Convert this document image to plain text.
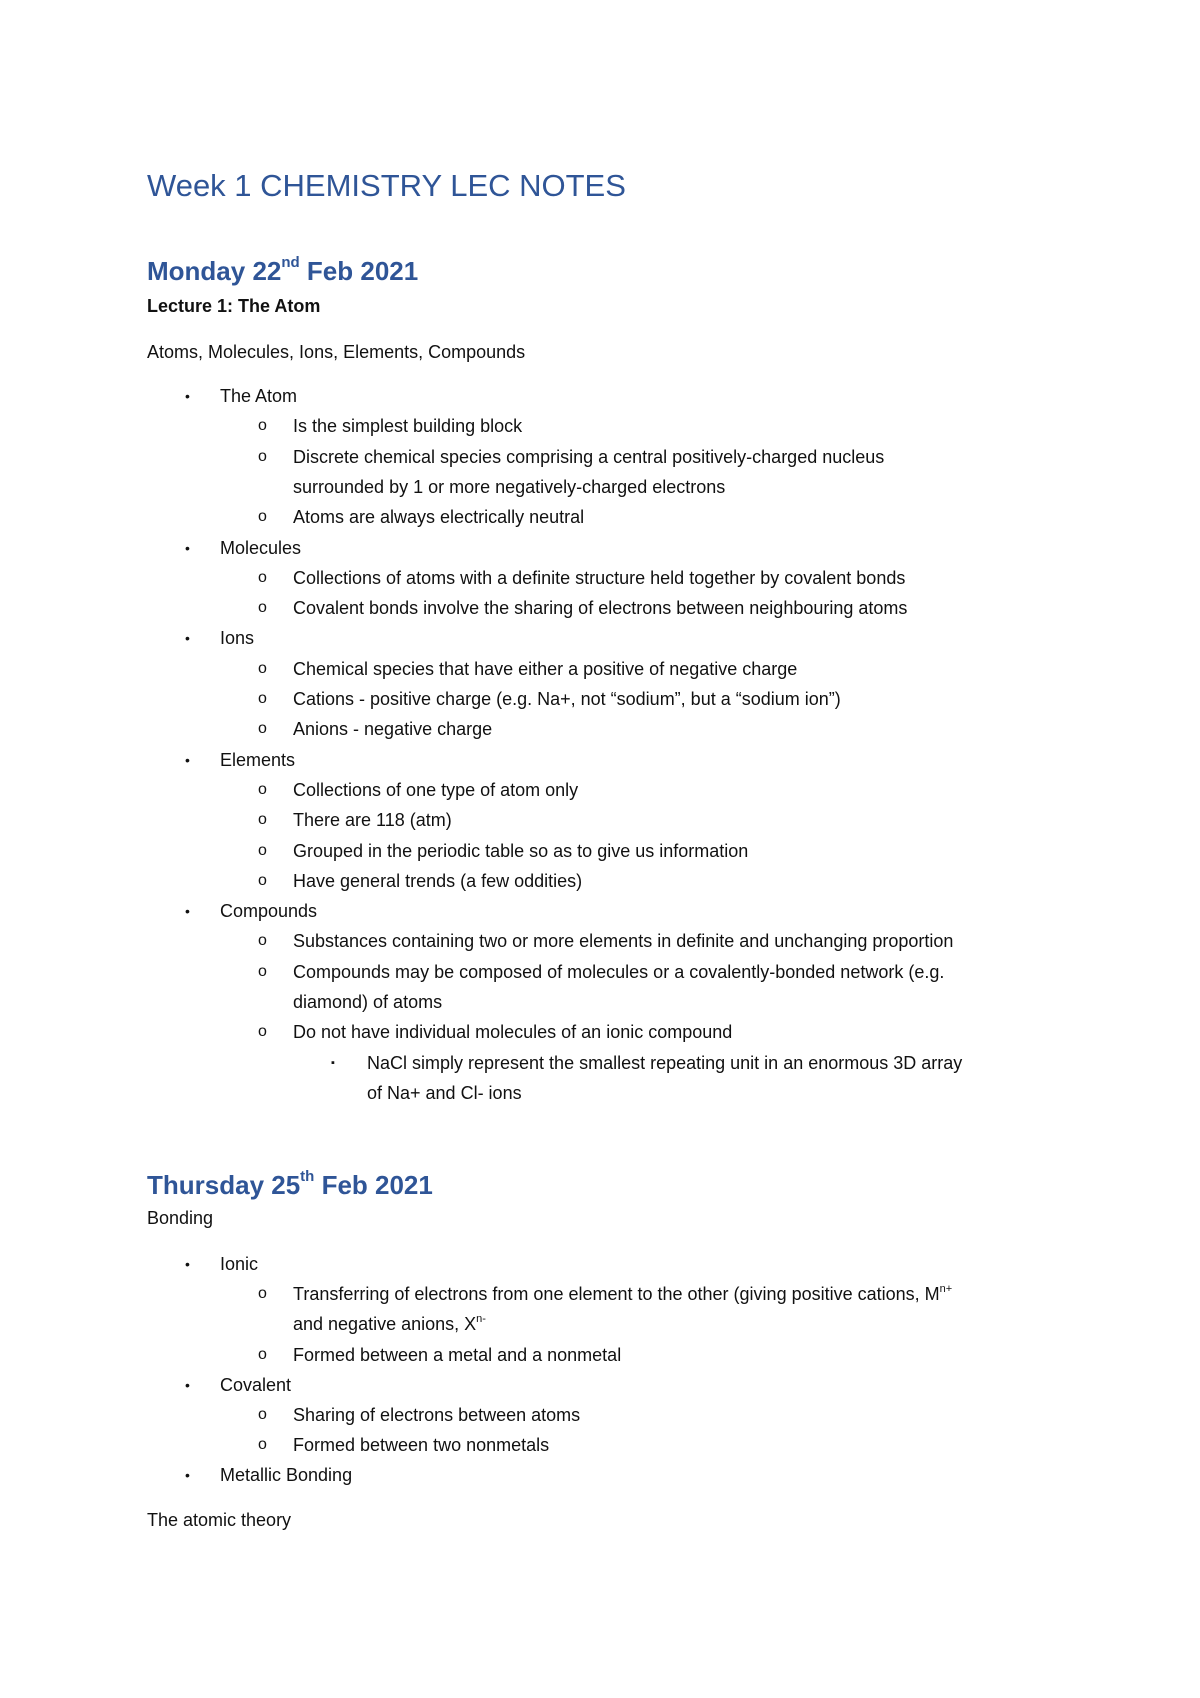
Week 1 CHEMISTRY LEC NOTES
Monday 22nd Feb 2021
Lecture 1: The Atom
Atoms, Molecules, Ions, Elements, Compounds
• The Atom
o Is the simplest building block
o Discrete chemical species comprising a central positively-charged nucleus
surrounded by 1 or more negatively-charged electrons
o Atoms are always electrically neutral
• Molecules
o Collections of atoms with a definite structure held together by covalent bonds
o Covalent bonds involve the sharing of electrons between neighbouring atoms
• Ions
o Chemical species that have either a positive of negative charge
o Cations - positive charge (e.g. Na+, not “sodium”, but a “sodium ion”)
o Anions - negative charge
• Elements
o Collections of one type of atom only
o There are 118 (atm)
o Grouped in the periodic table so as to give us information
o Have general trends (a few oddities)
• Compounds
o Substances containing two or more elements in definite and unchanging proportion
o Compounds may be composed of molecules or a covalently-bonded network (e.g.
diamond) of atoms
o Do not have individual molecules of an ionic compound
▪ NaCl simply represent the smallest repeating unit in an enormous 3D array
of Na+ and Cl- ions
Thursday 25th Feb 2021
Bonding
• Ionic
o Transferring of electrons from one element to the other (giving positive cations, $M^{n+}$
and negative anions, $X^{n-}$
o Formed between a metal and a nonmetal
• Covalent
o Sharing of electrons between atoms
o Formed between two nonmetals
• Metallic Bonding
The atomic theory
